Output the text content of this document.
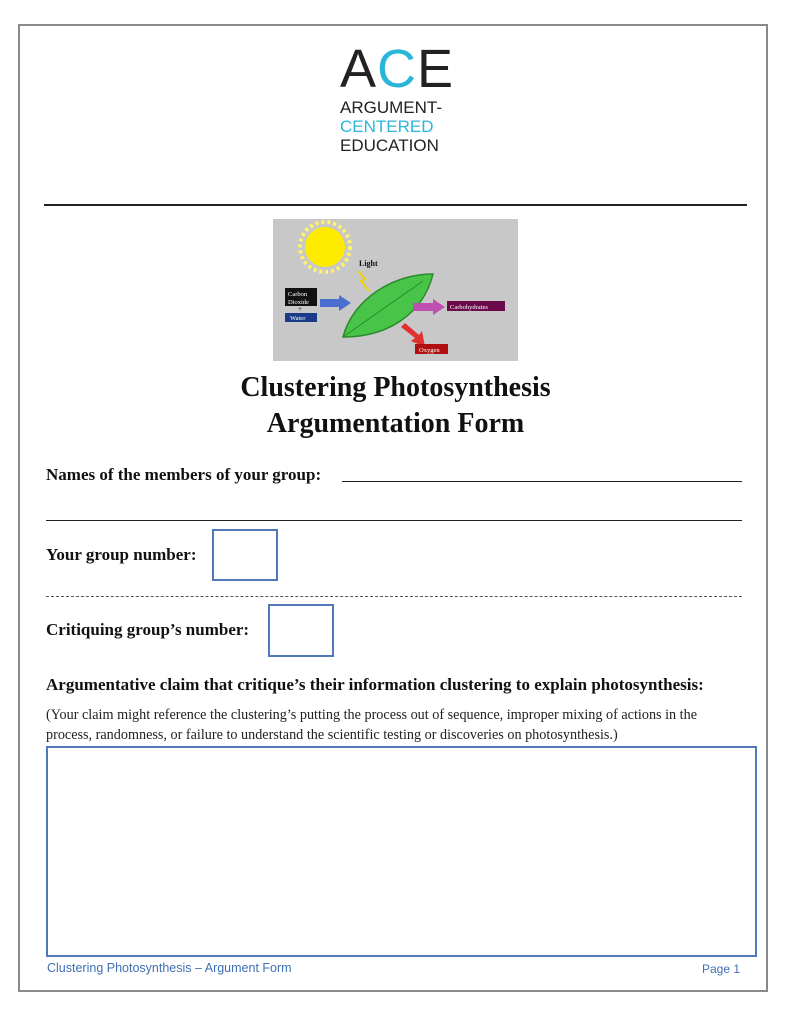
ACE
ARGUMENT-
CENTERED
EDUCATION
Light
Carbon
Dioxide
+
Water
Carbohydrates
Oxygen
Clustering Photosynthesis
Argumentation Form
Names of the members of your group:
Your group number:
Critiquing group’s number:
Argumentative claim that critique’s their information clustering to explain photosynthesis:
(Your claim might reference the clustering’s putting the process out of sequence, improper mixing of actions in the process, randomness, or failure to understand the scientific testing or discoveries on photosynthesis.)
Clustering Photosynthesis – Argument Form	Page 1
